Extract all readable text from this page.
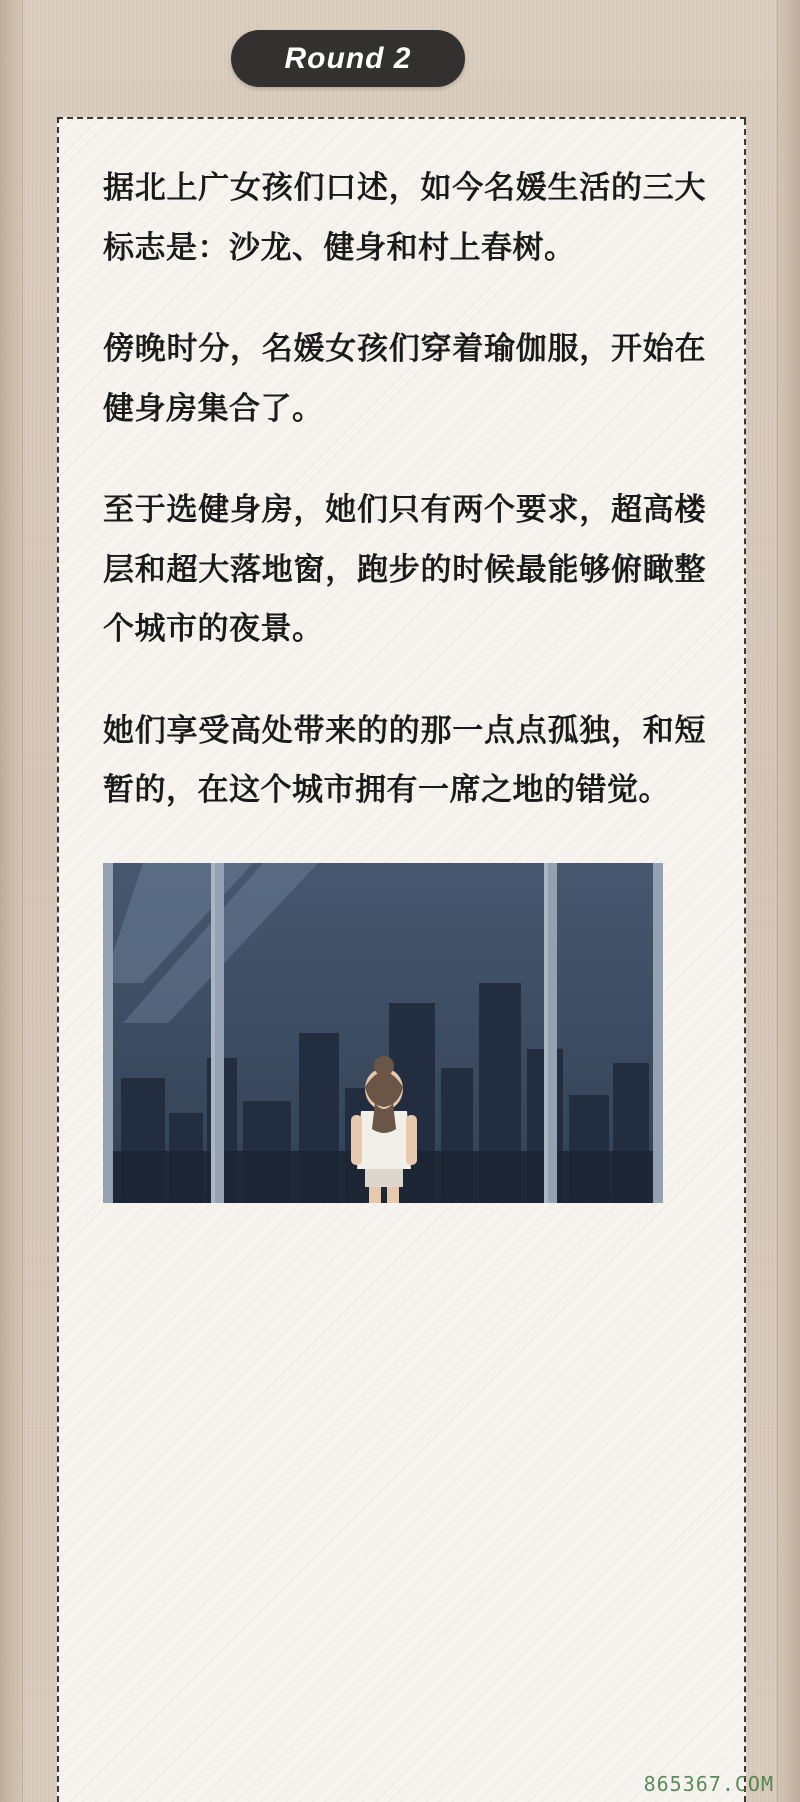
Round 2

据北上广女孩们口述，如今名媛生活的三大标志是：沙龙、健身和村上春树。

傍晚时分，名媛女孩们穿着瑜伽服，开始在健身房集合了。

至于选健身房，她们只有两个要求，超高楼层和超大落地窗，跑步的时候最能够俯瞰整个城市的夜景。

她们享受高处带来的的那一点点孤独，和短暂的，在这个城市拥有一席之地的错觉。

865367.COM
